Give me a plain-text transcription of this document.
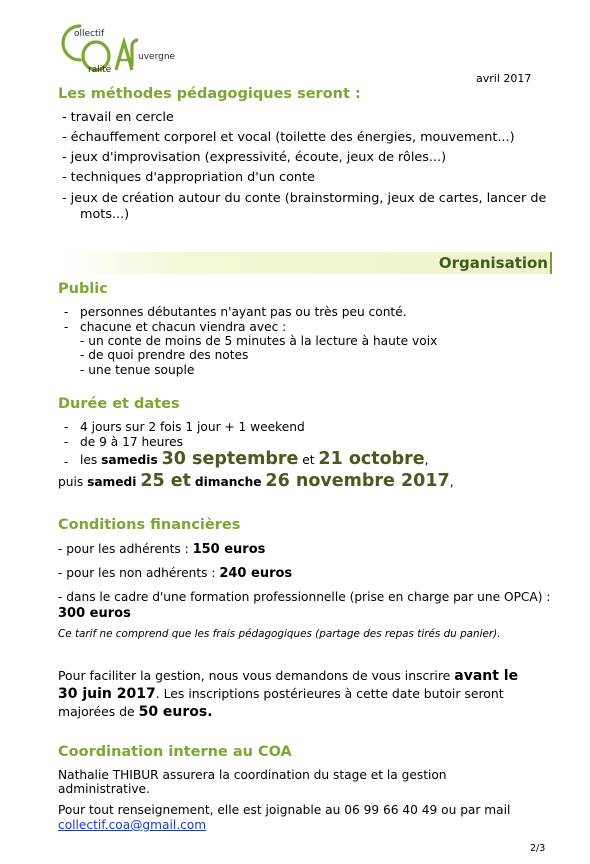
ollectif
ralité
uvergne
avril 2017
Les méthodes pédagogiques seront :
- travail en cercle
- échauffement corporel et vocal (toilette des énergies, mouvement...)
- jeux d'improvisation (expressivité, écoute, jeux de rôles...)
- techniques d'appropriation d'un conte
- jeux de création autour du conte (brainstorming, jeux de cartes, lancer de
mots...)
Organisation
Public
- personnes débutantes n'ayant pas ou très peu conté.
- chacune et chacun viendra avec :
- un conte de moins de 5 minutes à la lecture à haute voix
- de quoi prendre des notes
- une tenue souple
Durée et dates
- 4 jours sur 2 fois 1 jour + 1 weekend
- de 9 à 17 heures
- les samedis 30 septembre et 21 octobre,
puis samedi 25 et dimanche 26 novembre 2017,
Conditions financières
- pour les adhérents : 150 euros
- pour les non adhérents : 240 euros
- dans le cadre d'une formation professionnelle (prise en charge par une OPCA) :
300 euros
Ce tarif ne comprend que les frais pédagogiques (partage des repas tirés du panier).
Pour faciliter la gestion, nous vous demandons de vous inscrire avant le
30 juin 2017. Les inscriptions postérieures à cette date butoir seront
majorées de 50 euros.
Coordination interne au COA
Nathalie THIBUR assurera la coordination du stage et la gestion
administrative.
Pour tout renseignement, elle est joignable au 06 99 66 40 49 ou par mail
collectif.coa@gmail.com
2/3
